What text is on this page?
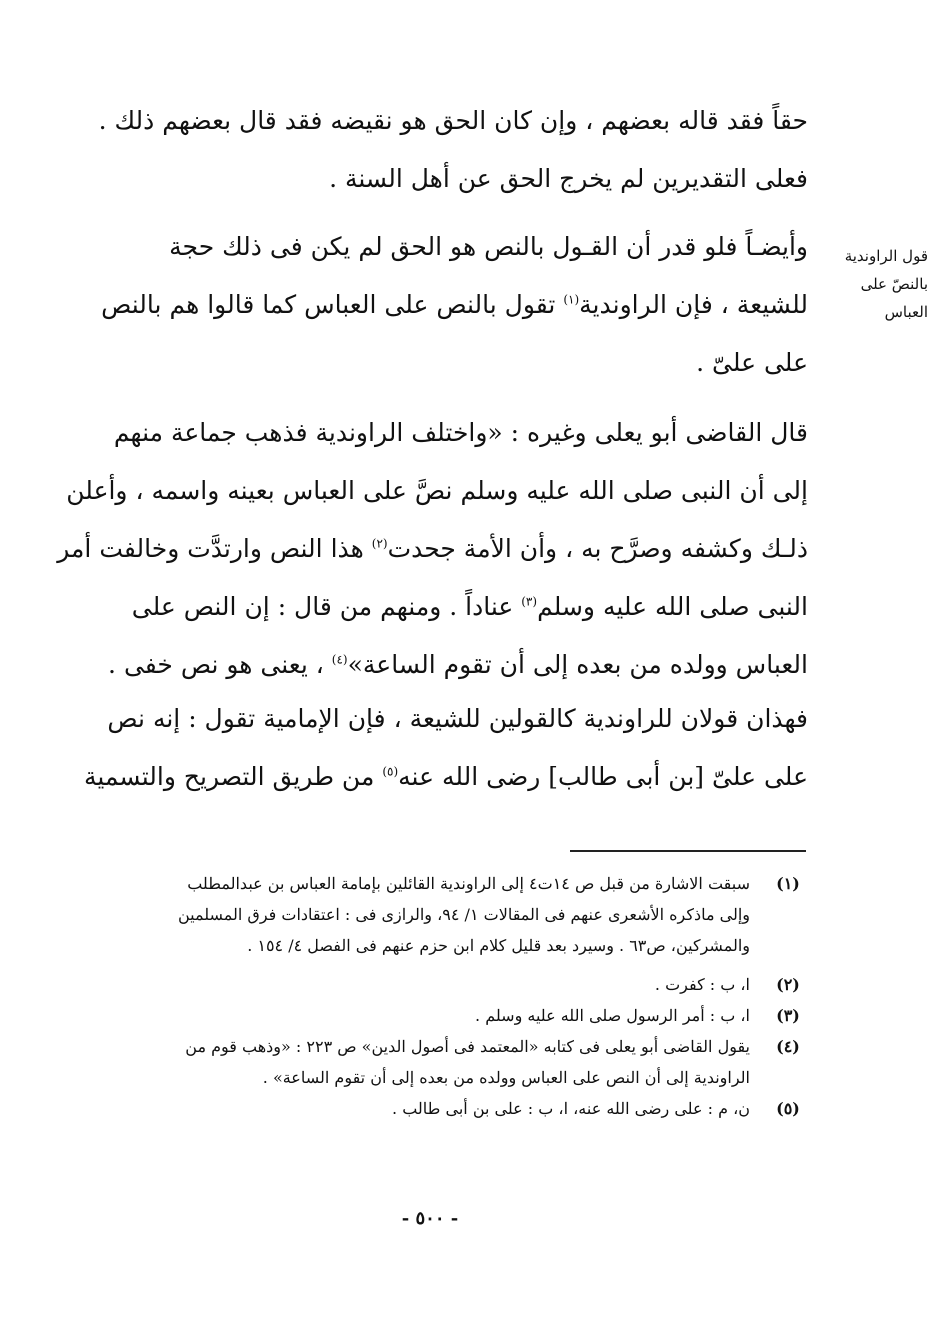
حقاً فقد قاله بعضهم ، وإن كان الحق هو نقيضه فقد قال بعضهم ذلك .
فعلى التقديرين لم يخرج الحق عن أهل السنة .
قول الراوندية
بالنصّ على
العباس
وأيضـاً فلو قدر أن القـول بالنص هو الحق لم يكن فى ذلك حجة
للشيعة ، فإن الراوندية$^{(١)}$ تقول بالنص على العباس كما قالوا هم بالنص
على علىّ .
قال القاضى أبو يعلى وغيره : «واختلف الراوندية فذهب جماعة منهم
إلى أن النبى صلى الله عليه وسلم نصَّ على العباس بعينه واسمه ، وأعلن
ذلـك وكشفه وصرَّح به ، وأن الأمة جحدت$^{(٢)}$ هذا النص وارتدَّت وخالفت أمر
النبى صلى الله عليه وسلم$^{(٣)}$ عناداً . ومنهم من قال : إن النص على
العباس وولده من بعده إلى أن تقوم الساعة»$^{(٤)}$ ، يعنى هو نص خفى .
فهذان قولان للراوندية كالقولين للشيعة ، فإن الإمامية تقول : إنه نص
على علىّ [بن أبى طالب] رضى الله عنه$^{(٥)}$ من طريق التصريح والتسمية
(١)
سبقت الاشارة من قبل ص ١٤ت٤ إلى الراوندية القائلين بإمامة العباس بن عبدالمطلب
وإلى ماذكره الأشعرى عنهم فى المقالات ١/ ٩٤، والرازى فى : اعتقادات فرق المسلمين
والمشركين، ص٦٣ . وسيرد بعد قليل كلام ابن حزم عنهم فى الفصل ٤/ ١٥٤ .
(٢)
ا، ب : كفرت .
(٣)
ا، ب : أمر الرسول صلى الله عليه وسلم .
(٤)
يقول القاضى أبو يعلى فى كتابه «المعتمد فى أصول الدين» ص ٢٢٣ : «وذهب قوم من
الراوندية إلى أن النص على العباس وولده من بعده إلى أن تقوم الساعة» .
(٥)
ن، م : على رضى الله عنه، ا، ب : على بن أبى طالب .
- ٥٠٠ -
